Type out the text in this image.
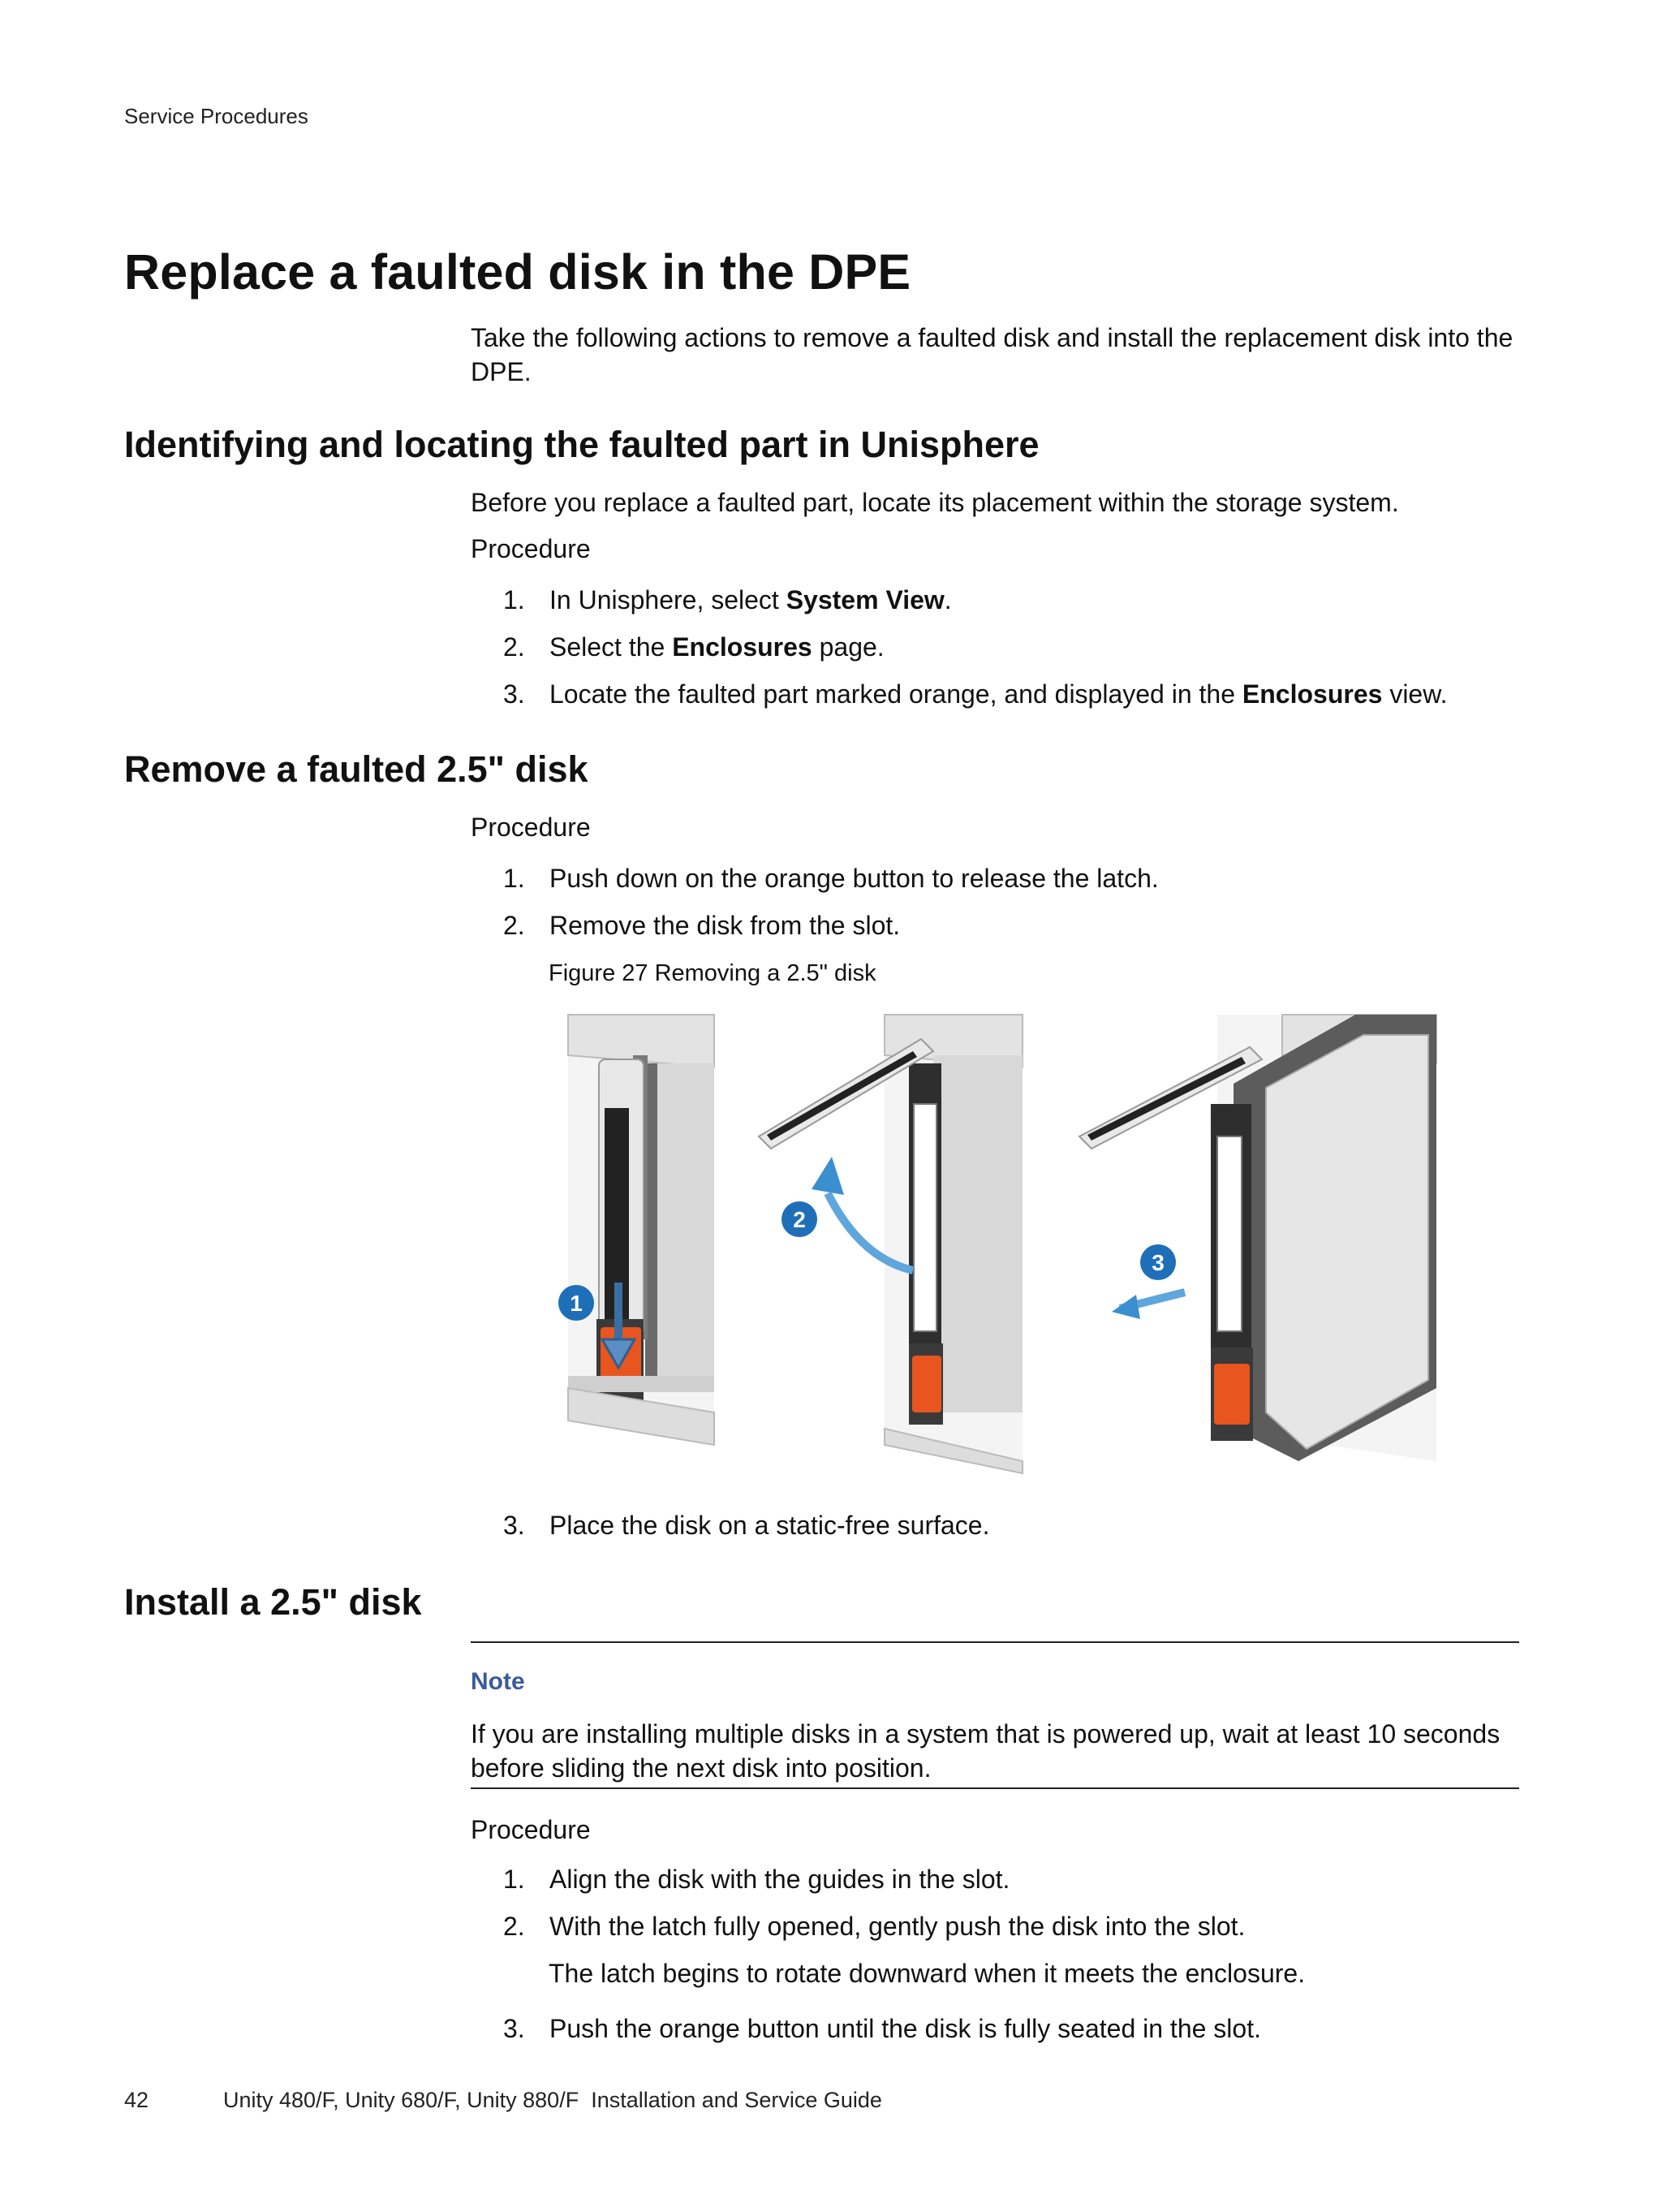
Service Procedures
Replace a faulted disk in the DPE
Take the following actions to remove a faulted disk and install the replacement disk into the DPE.
Identifying and locating the faulted part in Unisphere
Before you replace a faulted part, locate its placement within the storage system.
Procedure
1. In Unisphere, select System View.
2. Select the Enclosures page.
3. Locate the faulted part marked orange, and displayed in the Enclosures view.
Remove a faulted 2.5" disk
Procedure
1. Push down on the orange button to release the latch.
2. Remove the disk from the slot.
Figure 27 Removing a 2.5" disk
1
2
3
3. Place the disk on a static-free surface.
Install a 2.5" disk
Note
If you are installing multiple disks in a system that is powered up, wait at least 10 seconds before sliding the next disk into position.
Procedure
1. Align the disk with the guides in the slot.
2. With the latch fully opened, gently push the disk into the slot.
The latch begins to rotate downward when it meets the enclosure.
3. Push the orange button until the disk is fully seated in the slot.
42	Unity 480/F, Unity 680/F, Unity 880/F  Installation and Service Guide
